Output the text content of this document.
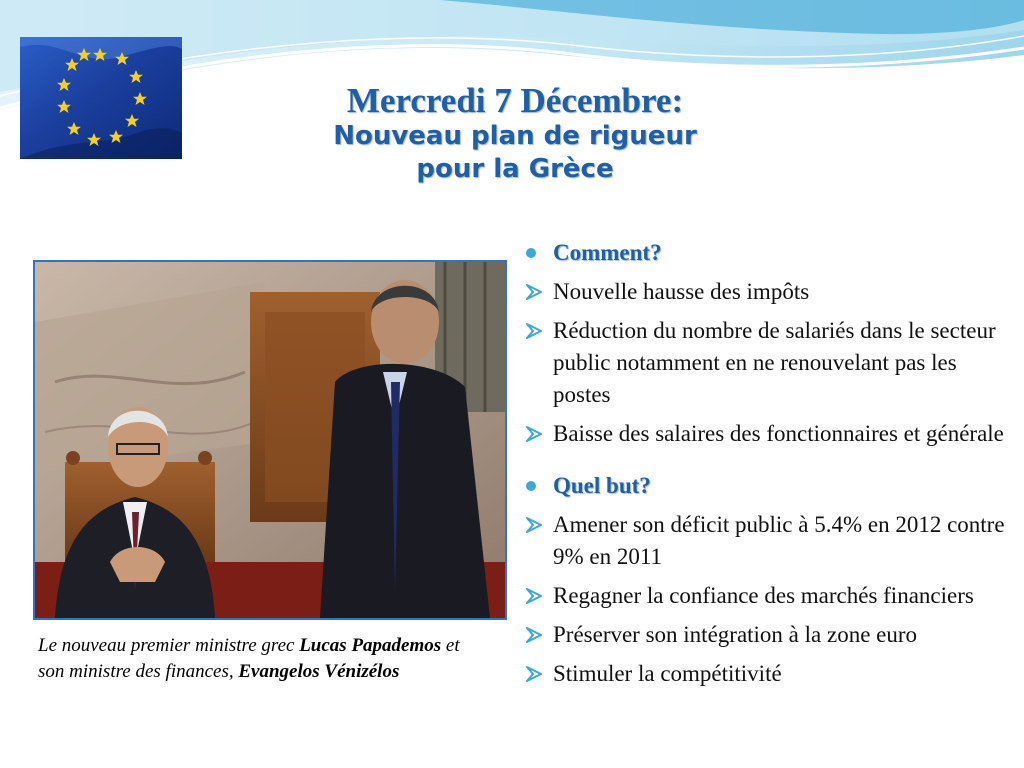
Mercredi 7 Décembre:
Nouveau plan de rigueur
pour la Grèce
Le nouveau premier ministre grec Lucas Papademos et son ministre des finances, Evangelos Vénizélos
Comment?
Nouvelle hausse des impôts
Réduction du nombre de salariés dans le secteur public notamment en ne renouvelant pas les postes
Baisse des salaires des fonctionnaires et générale
Quel but?
Amener son déficit public à 5.4% en 2012 contre 9% en 2011
Regagner la confiance des marchés financiers
Préserver son intégration à la zone euro
Stimuler la compétitivité
